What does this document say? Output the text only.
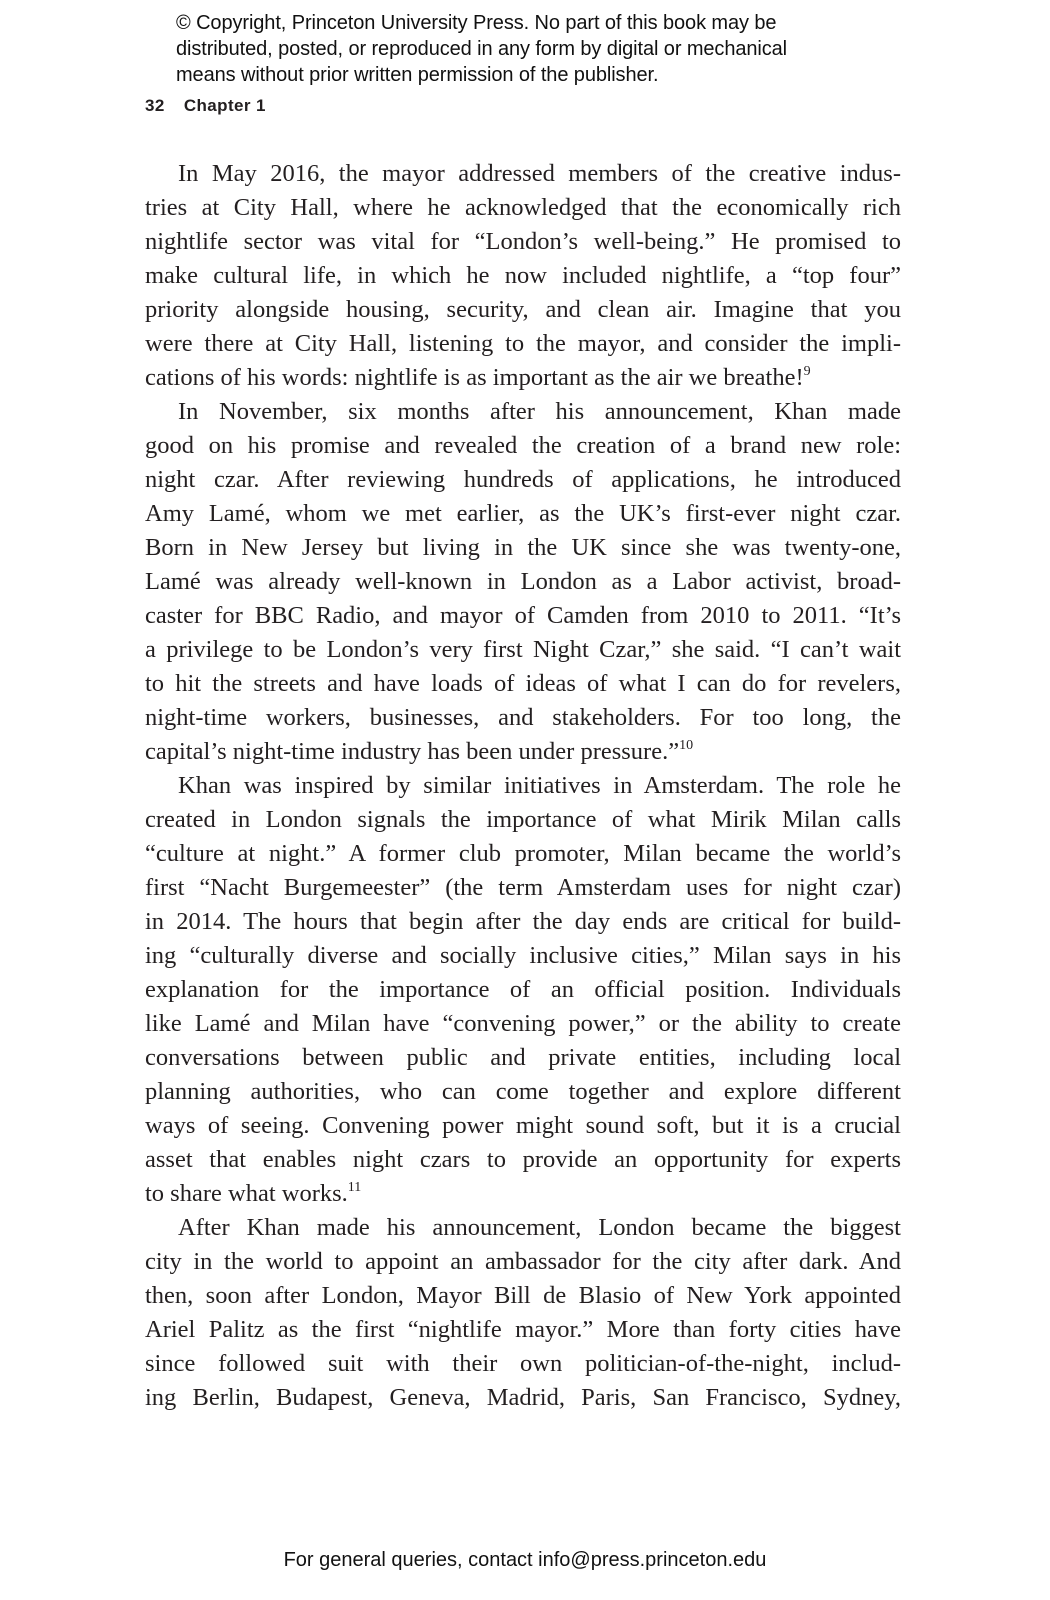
© Copyright, Princeton University Press. No part of this book may be
distributed, posted, or reproduced in any form by digital or mechanical
means without prior written permission of the publisher.
32 Chapter 1
In May 2016, the mayor addressed members of the creative indus-
tries at City Hall, where he acknowledged that the economically rich
nightlife sector was vital for “London’s well-being.” He promised to
make cultural life, in which he now included nightlife, a “top four”
priority alongside housing, security, and clean air. Imagine that you
were there at City Hall, listening to the mayor, and consider the impli-
cations of his words: nightlife is as important as the air we breathe!$^9$
In November, six months after his announcement, Khan made
good on his promise and revealed the creation of a brand new role:
night czar. After reviewing hundreds of applications, he introduced
Amy Lamé, whom we met earlier, as the UK’s first-ever night czar.
Born in New Jersey but living in the UK since she was twenty-one,
Lamé was already well-known in London as a Labor activist, broad-
caster for BBC Radio, and mayor of Camden from 2010 to 2011. “It’s
a privilege to be London’s very first Night Czar,” she said. “I can’t wait
to hit the streets and have loads of ideas of what I can do for revelers,
night-time workers, businesses, and stakeholders. For too long, the
capital’s night-time industry has been under pressure.”$^{10}$
Khan was inspired by similar initiatives in Amsterdam. The role he
created in London signals the importance of what Mirik Milan calls
“culture at night.” A former club promoter, Milan became the world’s
first “Nacht Burgemeester” (the term Amsterdam uses for night czar)
in 2014. The hours that begin after the day ends are critical for build-
ing “culturally diverse and socially inclusive cities,” Milan says in his
explanation for the importance of an official position. Individuals
like Lamé and Milan have “convening power,” or the ability to create
conversations between public and private entities, including local
planning authorities, who can come together and explore different
ways of seeing. Convening power might sound soft, but it is a crucial
asset that enables night czars to provide an opportunity for experts
to share what works.$^{11}$
After Khan made his announcement, London became the biggest
city in the world to appoint an ambassador for the city after dark. And
then, soon after London, Mayor Bill de Blasio of New York appointed
Ariel Palitz as the first “nightlife mayor.” More than forty cities have
since followed suit with their own politician-of-the-night, includ-
ing Berlin, Budapest, Geneva, Madrid, Paris, San Francisco, Sydney,
For general queries, contact info@press.princeton.edu
